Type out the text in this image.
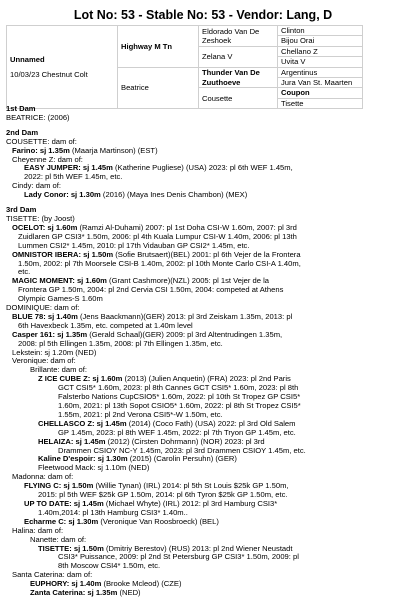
Lot No: 53 - Stable No: 53 - Vendor: Lang, D
Unnamed
10/03/23 Chestnut Colt	Highway M Tn	Eldorado Van De Zeshoek	Clinton
			Bijou Orai
		Zelana V	Chellano Z
			Uvita V
	Beatrice	Thunder Van De Zuuthoeve	Argentinus
			Jura Van St. Maarten
		Cousette	Coupon
			Tisette
1st Dam
BEATRICE: (2006)
2nd Dam
COUSETTE: dam of:
Farino: sj 1.35m (Maarja Martinson) (EST)
Cheyenne Z: dam of:
EASY JUMPER: sj 1.45m (Katherine Pugliese) (USA) 2023: pl 6th WEF 1.45m,
2022: pl 5th WEF 1.45m, etc.
Cindy: dam of:
Lady Conor: sj 1.30m (2016) (Maya Ines Denis Chambon) (MEX)
3rd Dam
TISETTE: (by Joost)
OCELOT: sj 1.60m (Ramzi Al-Duhami) 2007: pl 1st Doha CSI-W 1.60m, 2007: pl 3rd
Zuidlaren GP CSI3* 1.50m, 2006: pl 4th Kuala Lumpur CSI-W 1.40m, 2006: pl 13th
Lummen CSI2* 1.45m, 2010: pl 17th Vidauban GP CSI2* 1.45m, etc.
OMNISTOR IBERA: sj 1.50m (Sofie Brutsaert)(BEL) 2001: pl 6th Vejer de la Frontera
1.50m, 2002: pl 7th Moorsele CSI-B 1.40m, 2002: pl 10th Monte Carlo CSI-A 1.40m,
etc.
MAGIC MOMENT: sj 1.60m (Grant Cashmore)(NZL) 2005: pl 1st Vejer de la
Frontera GP 1.50m, 2004: pl 2nd Cervia CSI 1.50m, 2004: competed at Athens
Olympic Games-S 1.60m
DOMINIQUE: dam of:
BLUE 78: sj 1.40m (Jens Baackmann)(GER) 2013: pl 3rd Zeiskam 1.35m, 2013: pl
6th Havexbeck 1.35m, etc. competed at 1.40m level
Casper 161: sj 1.35m (Gerald Schaal)(GER) 2009: pl 3rd Altentrudingen 1.35m,
2008: pl 5th Ellingen 1.35m, 2008: pl 7th Ellingen 1.35m, etc.
Lekstein: sj 1.20m (NED)
Veronique: dam of:
Brillante: dam of:
Z ICE CUBE Z: sj 1.60m (2013) (Julien Anquetin) (FRA) 2023: pl 2nd Paris
GCT CSI5* 1.60m, 2023: pl 8th Cannes GCT CSI5* 1.60m, 2023: pl 8th
Falsterbo Nations CupCSIO5* 1.60m, 2022: pl 10th St Tropez GP CSI5*
1.60m, 2021: pl 13th Sopot CSIO5* 1.60m, 2022: pl 8th St Tropez CSI5*
1.55m, 2021: pl 2nd Verona CSI5*-W 1.50m, etc.
CHELLASCO Z: sj 1.45m (2014) (Coco Fath) (USA) 2022: pl 3rd Old Salem
GP 1.45m, 2023: pl 8th WEF 1.45m, 2022: pl 7th Tryon GP 1.45m, etc.
HELAIZA: sj 1.45m (2012) (Cirsten Dohrmann) (NOR) 2023: pl 3rd
Drammen CSIOY NC-Y 1.45m, 2023: pl 3rd Drammen CSIOY 1.45m, etc.
Kaline D'espoir: sj 1.30m (2015) (Carolin Persuhn) (GER)
Fleetwood Mack: sj 1.10m (NED)
Madonna: dam of:
FLYING C: sj 1.50m (Willie Tynan) (IRL) 2014: pl 5th St Louis $25k GP 1.50m,
2015: pl 5th WEF $25k GP 1.50m, 2014: pl 6th Tyron $25k GP 1.50m, etc.
UP TO DATE: sj 1.45m (Michael Whyte) (IRL) 2012: pl 3rd Hamburg CSI3*
1.40m,2014: pl 13th Hamburg CSI3* 1.40m..
Echarme C: sj 1.30m (Veronique Van Roosbroeck) (BEL)
Halina: dam of:
Nanette: dam of:
TISETTE: sj 1.50m (Dmitriy Berestov) (RUS) 2013: pl 2nd Wiener Neustadt
CSI3* Puissance, 2009: pl 2nd St Petersburg GP CSI3* 1.50m, 2009: pl
8th Moscow CSI4* 1.50m, etc.
Santa Caterina: dam of:
EUPHORY: sj 1.40m (Brooke Mcleod) (CZE)
Zanta Caterina: sj 1.35m (NED)
